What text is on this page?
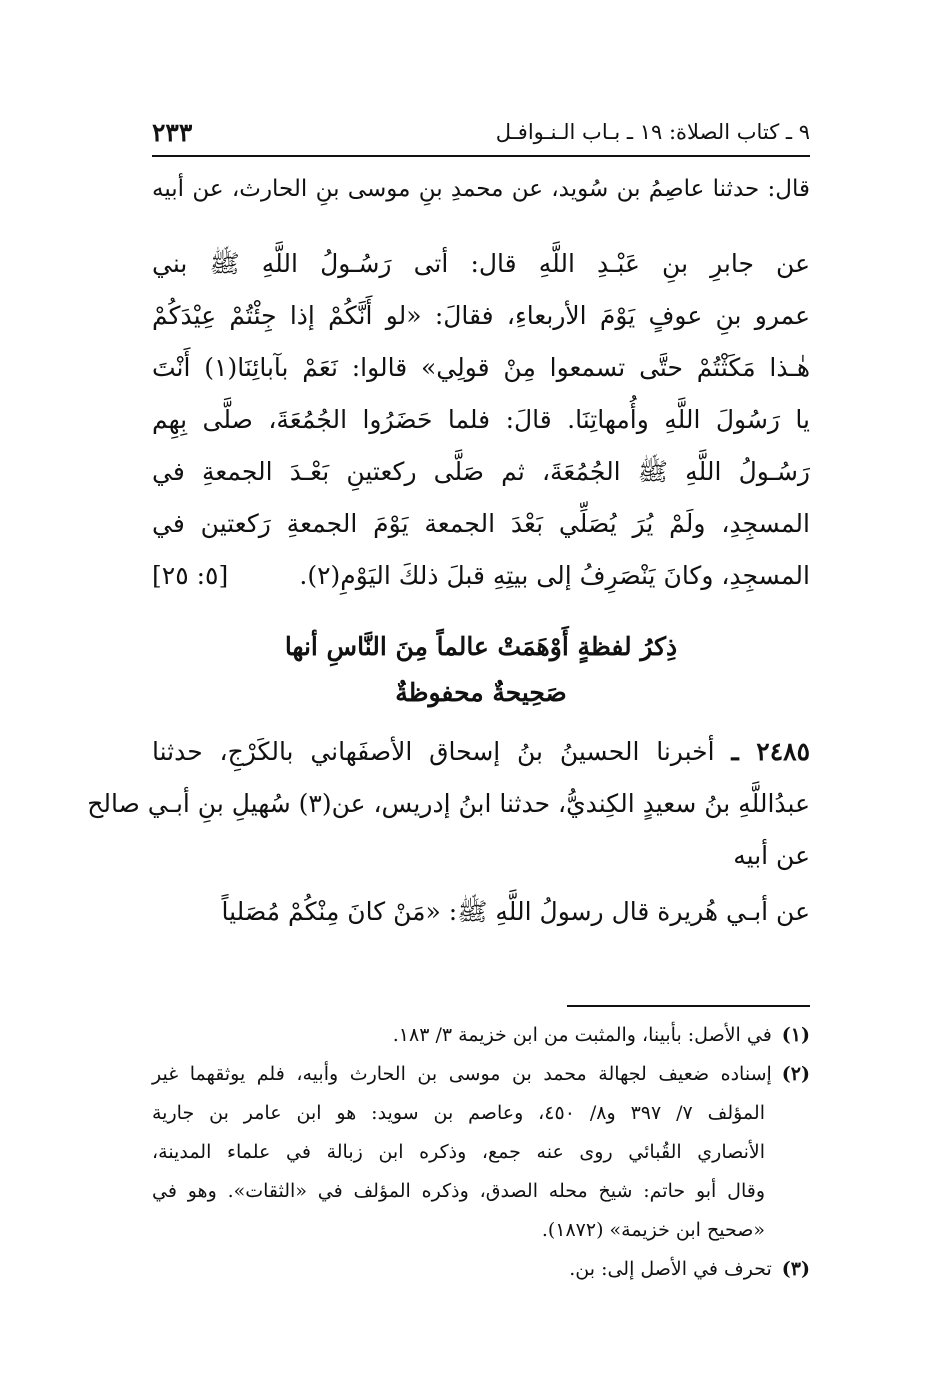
٢٣٣	٩ ـ كتاب الصلاة: ١٩ ـ بـاب الـنـوافـل
قال: حدثنا عاصِمُ بن سُويد، عن محمدِ بنِ موسى بنِ الحارث، عن أبيه
عن جابرِ بنِ عَبْـدِ اللَّهِ قال: أتى رَسُـولُ اللَّهِ ﷺ بني
عمرو بنِ عوفٍ يَوْمَ الأربعاءِ، فقالَ: «لو أَنَّكُمْ إذا جِئْتُمْ عِيْدَكُمْ
هٰـذا مَكَثْتُمْ حتَّى تسمعوا مِنْ قولِي» قالوا: نَعَمْ بآبائِنَا(١) أَنْتَ
يا رَسُولَ اللَّهِ وأُمهاتِنَا. قالَ: فلما حَضَرُوا الجُمُعَةَ، صلَّى بِهِم
رَسُـولُ اللَّهِ ﷺ الجُمُعَةَ، ثم صَلَّى ركعتينِ بَعْـدَ الجمعةِ في
المسجِدِ، ولَمْ يُرَ يُصَلِّي بَعْدَ الجمعة يَوْمَ الجمعةِ رَكعتين في
المسجِدِ، وكانَ يَنْصَرِفُ إلى بيتِهِ قبلَ ذلكَ اليَوْمِ(٢).
[٥: ٢٥]
ذِكرُ لفظةٍ أَوْهَمَتْ عالماً مِنَ النَّاسِ أنها
صَحِيحةٌ محفوظةٌ
٢٤٨٥ ـ أخبرنا الحسينُ بنُ إسحاق الأصفَهاني بالكَرْجِ، حدثنا
عبدُاللَّهِ بنُ سعيدٍ الكِنديُّ، حدثنا ابنُ إدريس، عن(٣) سُهيلِ بنِ أبـي صالح
عن أبيه
عن أبـي هُريرة قال رسولُ اللَّهِ ﷺ: «مَنْ كانَ مِنْكُمْ مُصَلياً
(١)في الأصل: بأبينا، والمثبت من ابن خزيمة ٣/ ١٨٣.
(٢)إسناده ضعيف لجهالة محمد بن موسى بن الحارث وأبيه، فلم يوثقهما غير
المؤلف ٧/ ٣٩٧ و٨/ ٤٥٠، وعاصم بن سويد: هو ابن عامر بن جارية
الأنصاري القُبائي روى عنه جمع، وذكره ابن زبالة في علماء المدينة،
وقال أبو حاتم: شيخ محله الصدق، وذكره المؤلف في «الثقات». وهو في
«صحيح ابن خزيمة» (١٨٧٢).
(٣)تحرف في الأصل إلى: بن.
